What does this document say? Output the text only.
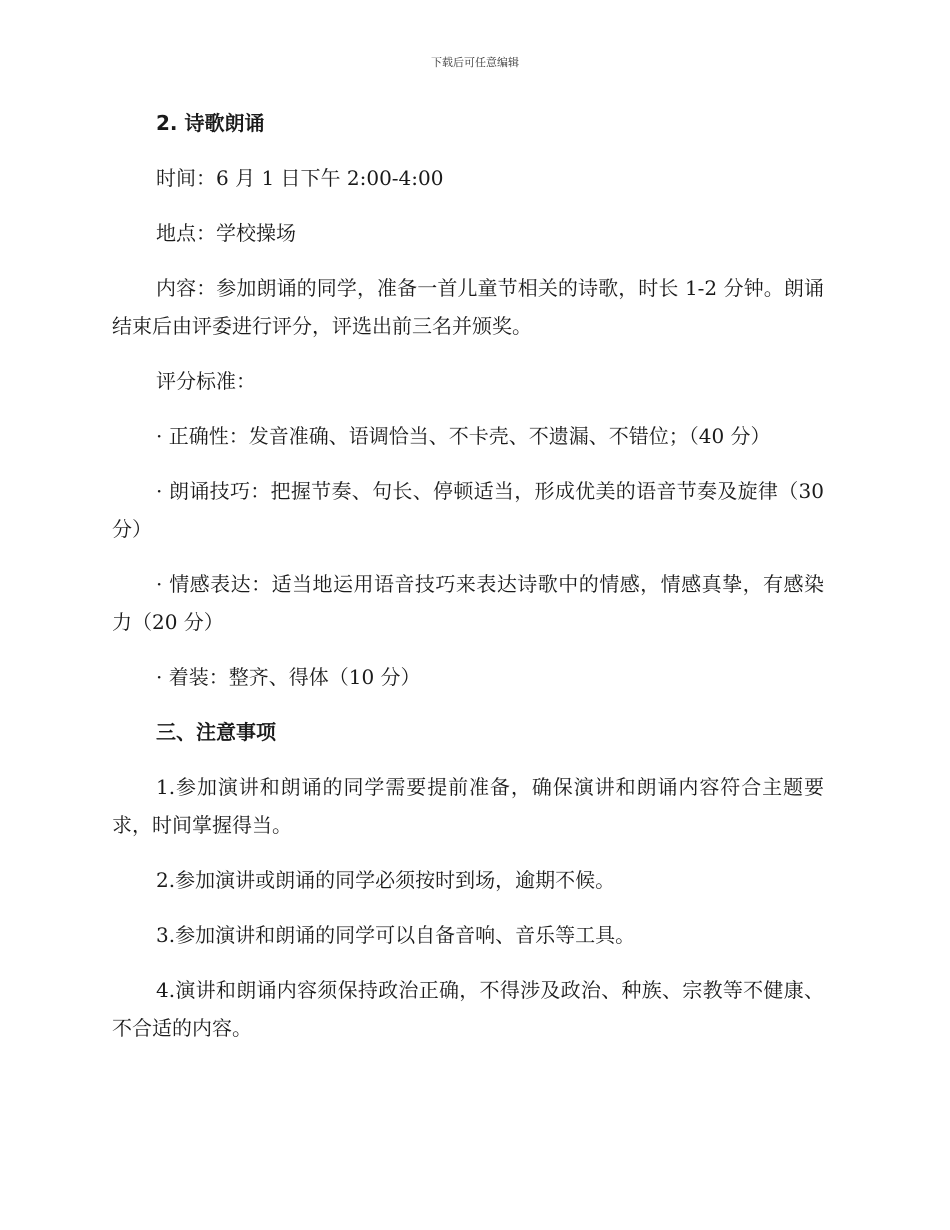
下载后可任意编辑

2. 诗歌朗诵

时间：6 月 1 日下午 2:00-4:00

地点：学校操场

内容：参加朗诵的同学，准备一首儿童节相关的诗歌，时长 1-2 分钟。朗诵结束后由评委进行评分，评选出前三名并颁奖。

评分标准：

· 正确性：发音准确、语调恰当、不卡壳、不遗漏、不错位；（40 分）

· 朗诵技巧：把握节奏、句长、停顿适当，形成优美的语音节奏及旋律（30 分）

· 情感表达：适当地运用语音技巧来表达诗歌中的情感，情感真挚，有感染力（20 分）

· 着装：整齐、得体（10 分）

三、注意事项

1.参加演讲和朗诵的同学需要提前准备，确保演讲和朗诵内容符合主题要求，时间掌握得当。

2.参加演讲或朗诵的同学必须按时到场，逾期不候。

3.参加演讲和朗诵的同学可以自备音响、音乐等工具。

4.演讲和朗诵内容须保持政治正确，不得涉及政治、种族、宗教等不健康、不合适的内容。
